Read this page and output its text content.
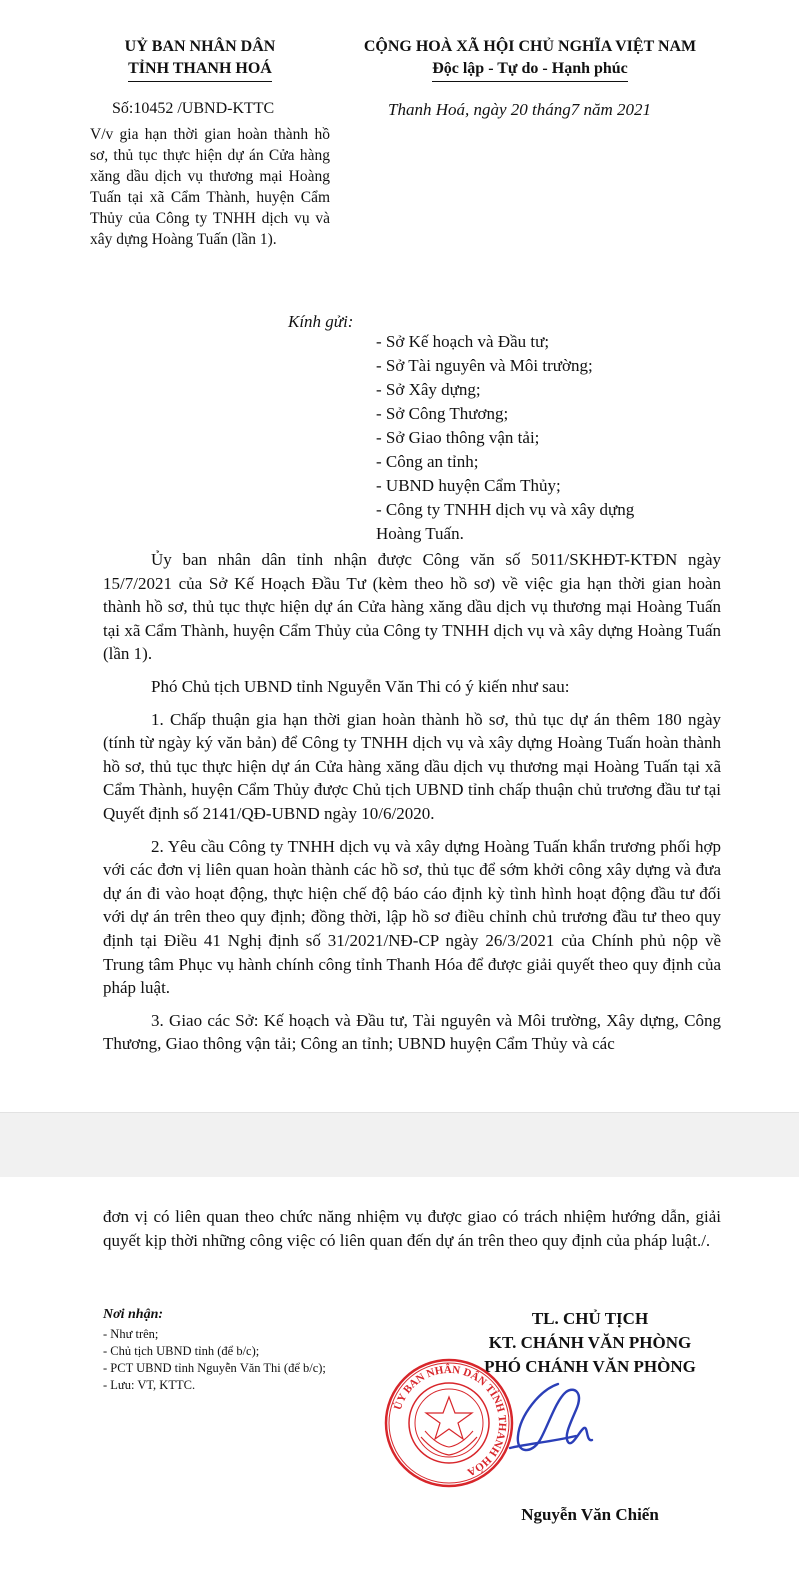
UỶ BAN NHÂN DÂN
TỈNH THANH HOÁ
CỘNG HOÀ XÃ HỘI CHỦ NGHĨA VIỆT NAM
Độc lập - Tự do - Hạnh phúc
Số:10452 /UBND-KTTC	Thanh Hoá, ngày 20 tháng7 năm 2021
V/v gia hạn thời gian hoàn thành hồ sơ, thủ tục thực hiện dự án Cửa hàng xăng dầu dịch vụ thương mại Hoàng Tuấn tại xã Cẩm Thành, huyện Cẩm Thủy của Công ty TNHH dịch vụ và xây dựng Hoàng Tuấn (lần 1).
Kính gửi:
- Sở Kế hoạch và Đầu tư;
- Sở Tài nguyên và Môi trường;
- Sở Xây dựng;
- Sở Công Thương;
- Sở Giao thông vận tải;
- Công an tỉnh;
- UBND huyện Cẩm Thủy;
- Công ty TNHH dịch vụ và xây dựng
Hoàng Tuấn.

Ủy ban nhân dân tỉnh nhận được Công văn số 5011/SKHĐT-KTĐN ngày 15/7/2021 của Sở Kế Hoạch Đầu Tư (kèm theo hồ sơ) về việc gia hạn thời gian hoàn thành hồ sơ, thủ tục thực hiện dự án Cửa hàng xăng dầu dịch vụ thương mại Hoàng Tuấn tại xã Cẩm Thành, huyện Cẩm Thủy của Công ty TNHH dịch vụ và xây dựng Hoàng Tuấn (lần 1).

Phó Chủ tịch UBND tỉnh Nguyễn Văn Thi có ý kiến như sau:

1. Chấp thuận gia hạn thời gian hoàn thành hồ sơ, thủ tục dự án thêm 180 ngày (tính từ ngày ký văn bản) để Công ty TNHH dịch vụ và xây dựng Hoàng Tuấn hoàn thành hồ sơ, thủ tục thực hiện dự án Cửa hàng xăng dầu dịch vụ thương mại Hoàng Tuấn tại xã Cẩm Thành, huyện Cẩm Thủy được Chủ tịch UBND tỉnh chấp thuận chủ trương đầu tư tại Quyết định số 2141/QĐ-UBND ngày 10/6/2020.

2. Yêu cầu Công ty TNHH dịch vụ và xây dựng Hoàng Tuấn khẩn trương phối hợp với các đơn vị liên quan hoàn thành các hồ sơ, thủ tục để sớm khởi công xây dựng và đưa dự án đi vào hoạt động, thực hiện chế độ báo cáo định kỳ tình hình hoạt động đầu tư đối với dự án trên theo quy định; đồng thời, lập hồ sơ điều chỉnh chủ trương đầu tư theo quy định tại Điều 41 Nghị định số 31/2021/NĐ-CP ngày 26/3/2021 của Chính phủ nộp về Trung tâm Phục vụ hành chính công tỉnh Thanh Hóa để được giải quyết theo quy định của pháp luật.

3. Giao các Sở: Kế hoạch và Đầu tư, Tài nguyên và Môi trường, Xây dựng, Công Thương, Giao thông vận tải; Công an tỉnh; UBND huyện Cẩm Thủy và các

đơn vị có liên quan theo chức năng nhiệm vụ được giao có trách nhiệm hướng dẫn, giải quyết kịp thời những công việc có liên quan đến dự án trên theo quy định của pháp luật./.

Nơi nhận:
- Như trên;
- Chủ tịch UBND tỉnh (để b/c);
- PCT UBND tỉnh Nguyễn Văn Thi (để b/c);
- Lưu: VT, KTTC.
TL. CHỦ TỊCH
KT. CHÁNH VĂN PHÒNG
PHÓ CHÁNH VĂN PHÒNG
ỦY BAN NHÂN DÂN TỈNH THANH HÓA
Nguyễn Văn Chiến
